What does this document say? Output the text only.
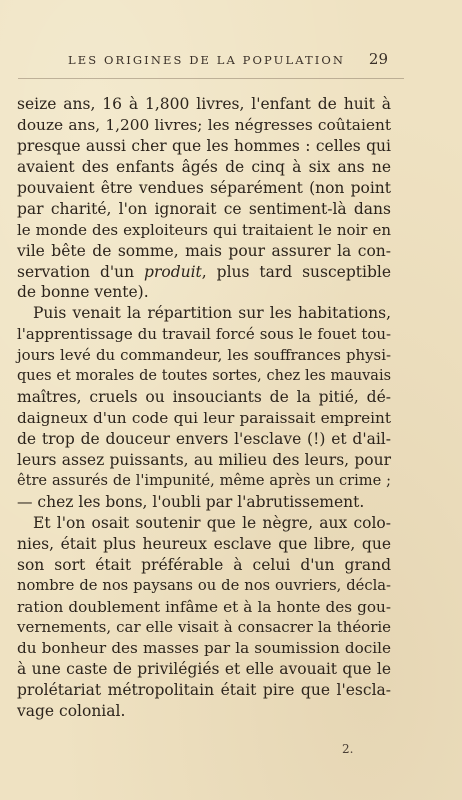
LES ORIGINES DE LA POPULATION 29
seize ans, 16 à 1,800 livres, l'enfant de huit à
douze ans, 1,200 livres; les négresses coûtaient
presque aussi cher que les hommes : celles qui
avaient des enfants âgés de cinq à six ans ne
pouvaient être vendues séparément (non point
par charité, l'on ignorait ce sentiment-là dans
le monde des exploiteurs qui traitaient le noir en
vile bête de somme, mais pour assurer la con-
servation d'un produit, plus tard susceptible
de bonne vente).
Puis venait la répartition sur les habitations,
l'apprentissage du travail forcé sous le fouet tou-
jours levé du commandeur, les souffrances physi-
ques et morales de toutes sortes, chez les mauvais
maîtres, cruels ou insouciants de la pitié, dé-
daigneux d'un code qui leur paraissait empreint
de trop de douceur envers l'esclave (!) et d'ail-
leurs assez puissants, au milieu des leurs, pour
être assurés de l'impunité, même après un crime ;
— chez les bons, l'oubli par l'abrutissement.
Et l'on osait soutenir que le nègre, aux colo-
nies, était plus heureux esclave que libre, que
son sort était préférable à celui d'un grand
nombre de nos paysans ou de nos ouvriers, décla-
ration doublement infâme et à la honte des gou-
vernements, car elle visait à consacrer la théorie
du bonheur des masses par la soumission docile
à une caste de privilégiés et elle avouait que le
prolétariat métropolitain était pire que l'escla-
vage colonial.
2.
